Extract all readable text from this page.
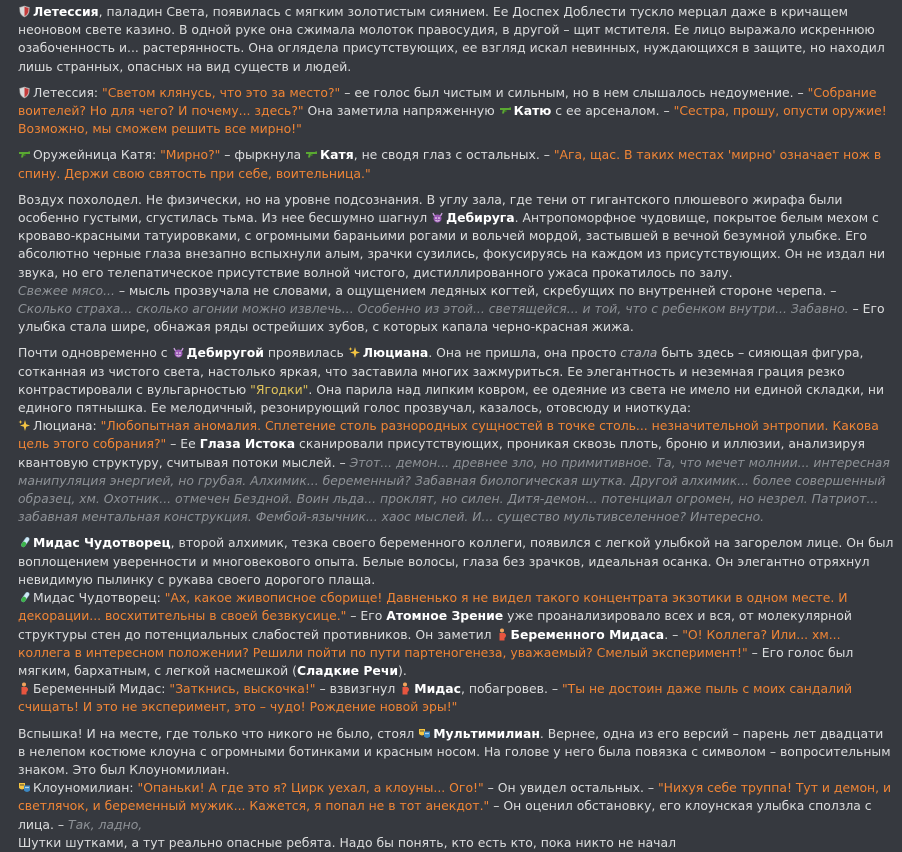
Летессия, паладин Света, появилась с мягким золотистым сиянием. Ее Доспех Доблести тускло мерцал даже в кричащем неоновом свете казино. В одной руке она сжимала молоток правосудия, в другой – щит мстителя. Ее лицо выражало искреннюю озабоченность и... растерянность. Она оглядела присутствующих, ее взгляд искал невинных, нуждающихся в защите, но находил лишь странных, опасных на вид существ и людей.

Летессия: "Светом клянусь, что это за место?" – ее голос был чистым и сильным, но в нем слышалось недоумение. – "Собрание воителей? Но для чего? И почему... здесь?" Она заметила напряженную
Катю с ее арсеналом. – "Сестра, прошу, опусти оружие! Возможно, мы сможем решить все мирно!"

Оружейница Катя: "Мирно?" – фыркнула
Катя, не сводя глаз с остальных. – "Ага, щас. В таких местах 'мирно' означает нож в спину. Держи свою святость при себе, воительница."

Воздух похолодел. Не физически, но на уровне подсознания. В углу зала, где тени от гигантского плюшевого жирафа были особенно густыми, сгустилась тьма. Из нее бесшумно шагнул
Дебируга. Антропоморфное чудовище, покрытое белым мехом с кроваво-красными татуировками, с огромными бараньими рогами и вольчей мордой, застывшей в вечной безумной улыбке. Его абсолютно черные глаза внезапно вспыхнули алым, зрачки сузились, фокусируясь на каждом из присутствующих. Он не издал ни звука, но его телепатическое присутствие волной чистого, дистиллированного ужаса прокатилось по залу.

Свежее мясо... – мысль прозвучала не словами, а ощущением ледяных когтей, скребущих по внутренней стороне черепа. – Сколько страха... сколько агонии можно извлечь... Особенно из этой... светящейся... и той, что с ребенком внутри... Забавно. – Его улыбка стала шире, обнажая ряды острейших зубов, с которых капала черно-красная жижа.

Почти одновременно с
Дебиругой проявилась
Люциана. Она не пришла, она просто стала быть здесь – сияющая фигура, сотканная из чистого света, настолько яркая, что заставила многих зажмуриться. Ее элегантность и неземная грация резко контрастировали с вульгарностью "Ягодки". Она парила над липким ковром, ее одеяние из света не имело ни единой складки, ни единого пятнышка. Ее мелодичный, резонирующий голос прозвучал, казалось, отовсюду и ниоткуда:

Люциана: "Любопытная аномалия. Сплетение столь разнородных сущностей в точке столь... незначительной энтропии. Какова цель этого собрания?" – Ее Глаза Истока сканировали присутствующих, проникая сквозь плоть, броню и иллюзии, анализируя квантовую структуру, считывая потоки мыслей. – Этот... демон... древнее зло, но примитивное. Та, что мечет молнии... интересная манипуляция энергией, но грубая. Алхимик... беременный? Забавная биологическая шутка. Другой алхимик... более совершенный образец, хм. Охотник... отмечен Бездной. Воин льда... проклят, но силен. Дитя-демон... потенциал огромен, но незрел. Патриот... забавная ментальная конструкция. Фембой-язычник... хаос мыслей. И... существо мультивселенное? Интересно.

Мидас Чудотворец, второй алхимик, тезка своего беременного коллеги, появился с легкой улыбкой на загорелом лице. Он был воплощением уверенности и многовекового опыта. Белые волосы, глаза без зрачков, идеальная осанка. Он элегантно отряхнул невидимую пылинку с рукава своего дорогого плаща.

Мидас Чудотворец: "Ах, какое живописное сборище! Давненько я не видел такого концентрата экзотики в одном месте. И декорации... восхитительны в своей безвкусице." – Его Атомное Зрение уже проанализировало всех и вся, от молекулярной структуры стен до потенциальных слабостей противников. Он заметил
Беременного Мидаса. – "О! Коллега? Или... хм... коллега в интересном положении? Решили пойти по пути партеногенеза, уважаемый? Смелый эксперимент!" – Его голос был мягким, бархатным, с легкой насмешкой (Сладкие Речи).

Беременный Мидас: "Заткнись, выскочка!" – взвизгнул
Мидас, побагровев. – "Ты не достоин даже пыль с моих сандалий счищать! И это не эксперимент, это – чудо! Рождение новой эры!"

Вспышка! И на месте, где только что никого не было, стоял
Мультимилиан. Вернее, одна из его версий – парень лет двадцати в нелепом костюме клоуна с огромными ботинками и красным носом. На голове у него была повязка с символом – вопросительным знаком. Это был Клоуномилиан.

Клоуномилиан: "Опаньки! А где это я? Цирк уехал, а клоуны... Ого!" – Он увидел остальных. – "Нихуя себе труппа! Тут и демон, и светлячок, и беременный мужик... Кажется, я попал не в тот анекдот." – Он оценил обстановку, его клоунская улыбка сползла с лица. – Так, ладно,

Шутки шутками, а тут реально опасные ребята. Надо бы понять, кто есть кто, пока никто не начал
